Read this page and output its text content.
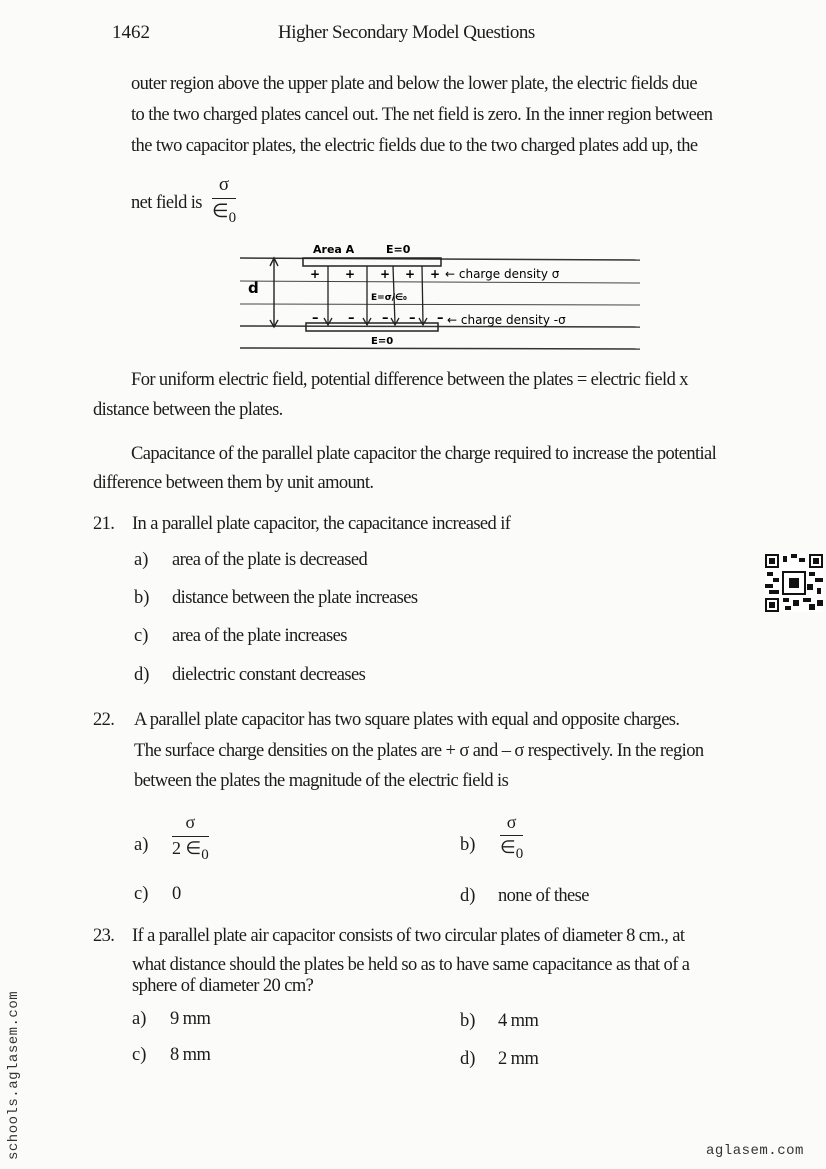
1462	Higher Secondary Model Questions
outer region above the upper plate and below the lower plate, the electric fields due
to the two charged plates cancel out. The net field is zero. In the inner region between
the two capacitor plates, the electric fields due to the two charged plates add up, the
net field is $\frac{\sigma}{\in_0}$
d
+ + + + +
– – – – –
Area A	E=0
E=0
E=σ/∈₀
← charge density σ
← charge density -σ
For uniform electric field, potential difference between the plates = electric field x
distance between the plates.
Capacitance of the parallel plate capacitor the charge required to increase the potential
difference between them by unit amount.
21. In a parallel plate capacitor, the capacitance increased if
a) area of the plate is decreased
b) distance between the plate increases
c) area of the plate increases
d) dielectric constant decreases
22. A parallel plate capacitor has two square plates with equal and opposite charges.
The surface charge densities on the plates are + σ and – σ respectively. In the region
between the plates the magnitude of the electric field is
$a) \frac{\sigma}{2 \in_0}$	$b) \frac{\sigma}{\in_0}$
c) 0	d) none of these
23. If a parallel plate air capacitor consists of two circular plates of diameter 8 cm., at
what distance should the plates be held so as to have same capacitance as that of a
sphere of diameter 20 cm?
a) 9 mm	b) 4 mm
c) 8 mm	d) 2 mm
schools.aglasem.com	aglasem.com
